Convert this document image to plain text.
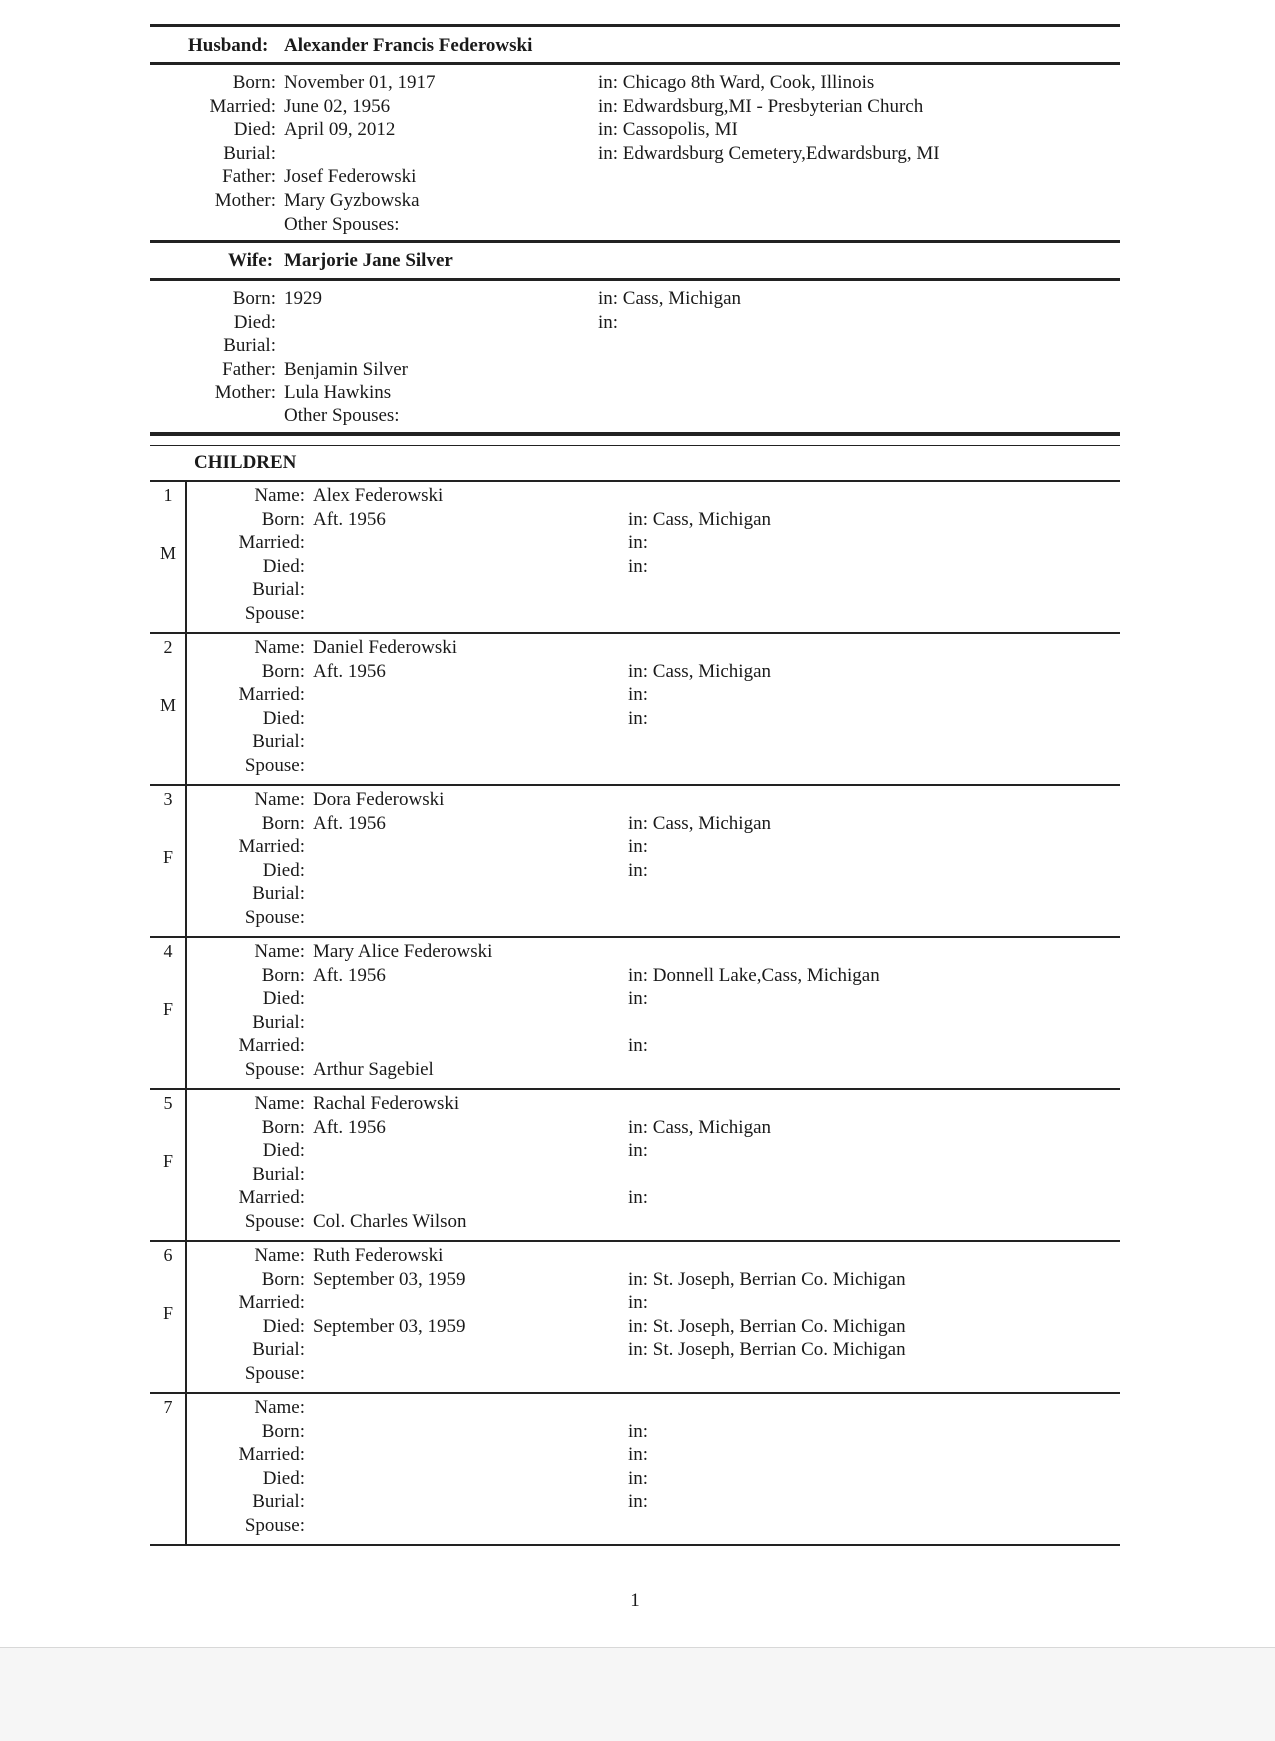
Husband: Alexander Francis Federowski
Born: November 01, 1917	in: Chicago 8th Ward, Cook, Illinois
Married: June 02, 1956	in: Edwardsburg,MI - Presbyterian Church
Died: April 09, 2012	in: Cassopolis, MI
Burial:	in: Edwardsburg Cemetery,Edwardsburg, MI
Father: Josef Federowski
Mother: Mary Gyzbowska
Other Spouses:
Wife: Marjorie Jane Silver
Born: 1929	in: Cass, Michigan
Died:	in:
Burial:
Father: Benjamin Silver
Mother: Lula Hawkins
Other Spouses:
CHILDREN
1
M
Name: Alex Federowski
Born: Aft. 1956	in: Cass, Michigan
Married:	in:
Died:	in:
Burial:
Spouse:
2
M
Name: Daniel Federowski
Born: Aft. 1956	in: Cass, Michigan
Married:	in:
Died:	in:
Burial:
Spouse:
3
F
Name: Dora Federowski
Born: Aft. 1956	in: Cass, Michigan
Married:	in:
Died:	in:
Burial:
Spouse:
4
F
Name: Mary Alice Federowski
Born: Aft. 1956	in: Donnell Lake,Cass, Michigan
Died:	in:
Burial:
Married:	in:
Spouse: Arthur Sagebiel
5
F
Name: Rachal Federowski
Born: Aft. 1956	in: Cass, Michigan
Died:	in:
Burial:
Married:	in:
Spouse: Col. Charles Wilson
6
F
Name: Ruth Federowski
Born: September 03, 1959	in: St. Joseph, Berrian Co. Michigan
Married:	in:
Died: September 03, 1959	in: St. Joseph, Berrian Co. Michigan
Burial:	in: St. Joseph, Berrian Co. Michigan
Spouse:
7	Name:
Born:	in:
Married:	in:
Died:	in:
Burial:	in:
Spouse:
1
